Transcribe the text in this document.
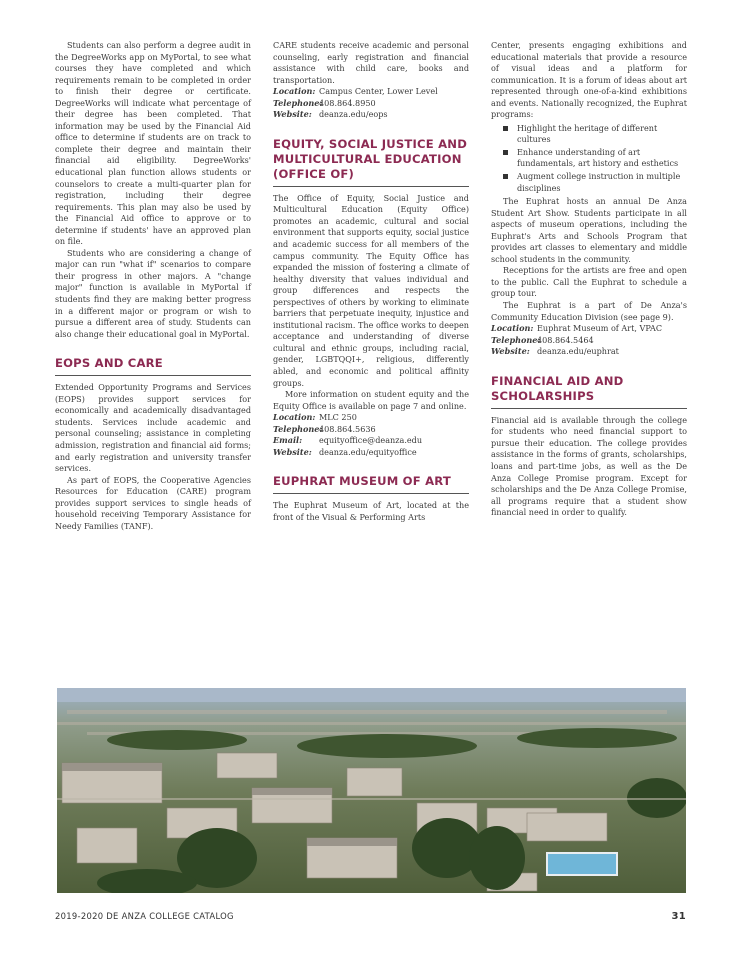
Students can also perform a degree audit in the DegreeWorks app on MyPortal, to see what courses they have completed and which requirements remain to be completed in order to finish their degree or certificate. DegreeWorks will indicate what percentage of their degree has been completed. That information may be used by the Financial Aid office to determine if students are on track to complete their degree and maintain their financial aid eligibility. DegreeWorks' educational plan function allows students or counselors to create a multi-quarter plan for registration, including their degree requirements. This plan may also be used by the Financial Aid office to approve or to determine if students' have an approved plan on file.

Students who are considering a change of major can run "what if" scenarios to compare their progress in other majors. A "change major" function is available in MyPortal if students find they are making better progress in a different major or program or wish to pursue a different area of study. Students can also change their educational goal in MyPortal.

EOPS AND CARE

Extended Opportunity Programs and Services (EOPS) provides support services for economically and academically disadvantaged students. Services include academic and personal counseling; assistance in completing admission, registration and financial aid forms; and early registration and university transfer services.

As part of EOPS, the Cooperative Agencies Resources for Education (CARE) program provides support services to single heads of household receiving Temporary Assistance for Needy Families (TANF).

CARE students receive academic and personal counseling, early registration and financial assistance with child care, books and transportation.

Location: Campus Center, Lower Level
Telephone:
408.864.8950
Website: deanza.edu/eops
EQUITY, SOCIAL JUSTICE AND MULTICULTURAL EDUCATION (OFFICE OF)

The Office of Equity, Social Justice and Multicultural Education (Equity Office) promotes an academic, cultural and social environment that supports equity, social justice and academic success for all members of the campus community. The Equity Office has expanded the mission of fostering a climate of healthy diversity that values individual and group differences and respects the perspectives of others by working to eliminate barriers that perpetuate inequity, injustice and institutional racism. The office works to deepen acceptance and understanding of diverse cultural and ethnic groups, including racial, gender, LGBTQQI+, religious, differently abled, and economic and political affinity groups.

More information on student equity and the Equity Office is available on page 7 and online.

Location: MLC 250
Telephone:
408.864.5636
Email:	equityoffice@deanza.edu
Website: deanza.edu/equityoffice
EUPHRAT MUSEUM OF ART

The Euphrat Museum of Art, located at the front of the Visual & Performing Arts

Center, presents engaging exhibitions and educational materials that provide a resource of visual ideas and a platform for communication. It is a forum of ideas about art represented through one-of-a-kind exhibitions and events. Nationally recognized, the Euphrat programs:

Highlight the heritage of different cultures
Enhance understanding of art fundamentals, art history and esthetics
Augment college instruction in multiple disciplines

The Euphrat hosts an annual De Anza Student Art Show. Students participate in all aspects of museum operations, including the Euphrat's Arts and Schools Program that provides art classes to elementary and middle school students in the community.

Receptions for the artists are free and open to the public. Call the Euphrat to schedule a group tour.

The Euphrat is a part of De Anza's Community Education Division (see page 9).

Location: Euphrat Museum of Art, VPAC
Telephone:
408.864.5464
Website: deanza.edu/euphrat
FINANCIAL AID AND SCHOLARSHIPS

Financial aid is available through the college for students who need financial support to pursue their education. The college provides assistance in the forms of grants, scholarships, loans and part-time jobs, as well as the De Anza College Promise program. Except for scholarships and the De Anza College Promise, all programs require that a student show financial need in order to qualify.

2019-2020 DE ANZA COLLEGE CATALOG	31
